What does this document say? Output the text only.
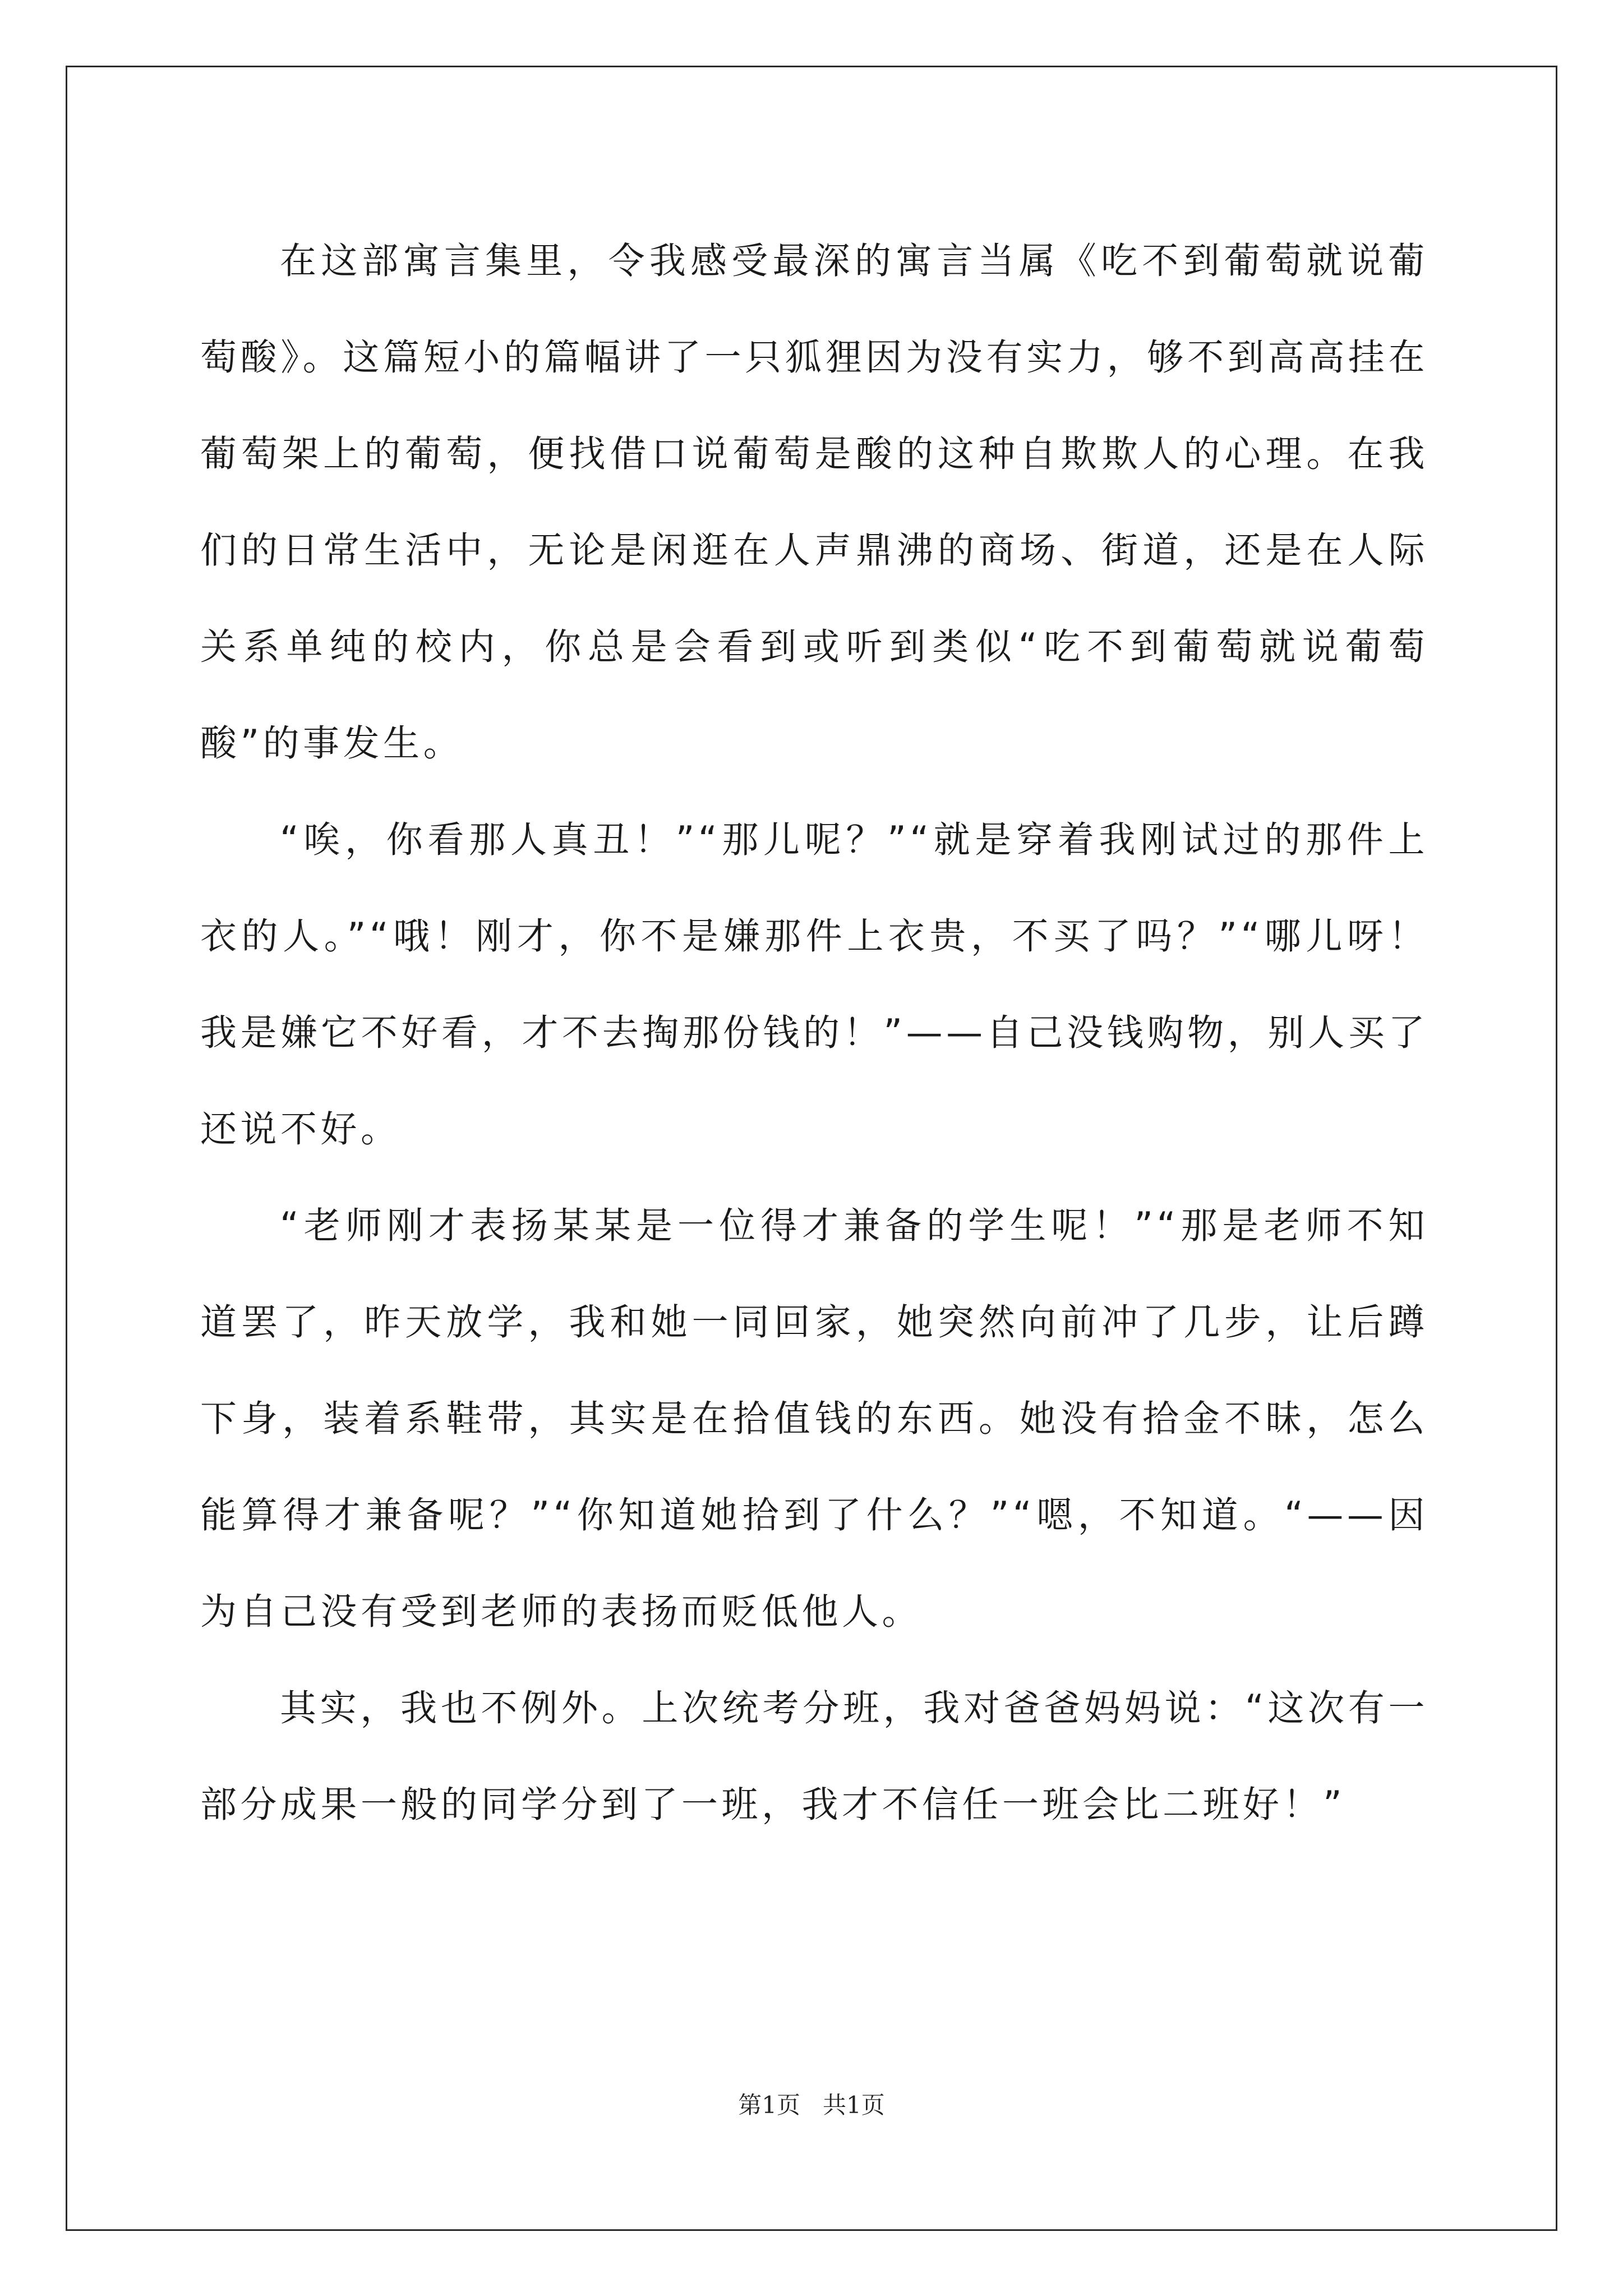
在这部寓言集里，令我感受最深的寓言当属《吃不到葡萄就说葡萄酸》。这篇短小的篇幅讲了一只狐狸因为没有实力，够不到高高挂在葡萄架上的葡萄，便找借口说葡萄是酸的这种自欺欺人的心理。在我们的日常生活中，无论是闲逛在人声鼎沸的商场、街道，还是在人际关系单纯的校内，你总是会看到或听到类似“吃不到葡萄就说葡萄酸”的事发生。

“唉，你看那人真丑！”“那儿呢？”“就是穿着我刚试过的那件上衣的人。”“哦！刚才，你不是嫌那件上衣贵，不买了吗？”“哪儿呀！我是嫌它不好看，才不去掏那份钱的！”——自己没钱购物，别人买了还说不好。

“老师刚才表扬某某是一位得才兼备的学生呢！”“那是老师不知道罢了，昨天放学，我和她一同回家，她突然向前冲了几步，让后蹲下身，装着系鞋带，其实是在拾值钱的东西。她没有拾金不昧，怎么能算得才兼备呢？”“你知道她拾到了什么？”“嗯，不知道。“——因为自己没有受到老师的表扬而贬低他人。

其实，我也不例外。上次统考分班，我对爸爸妈妈说：“这次有一部分成果一般的同学分到了一班，我才不信任一班会比二班好！”

第1页 共1页
